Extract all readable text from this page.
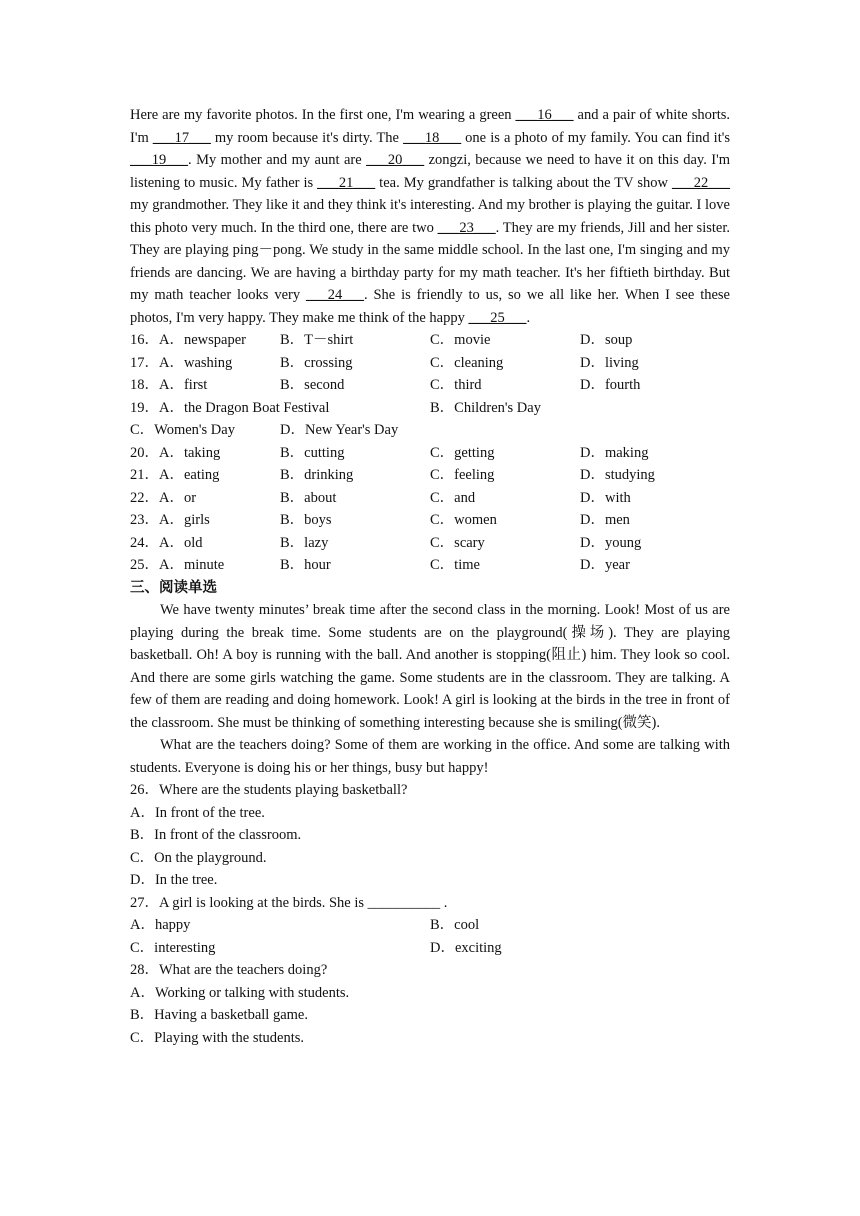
Here are my favorite photos. In the first one, I'm wearing a green ___16___ and a pair of white shorts. I'm ___17___ my room because it's dirty. The ___18___ one is a photo of my family. You can find it's ___19___. My mother and my aunt are ___20___ zongzi, because we need to have it on this day. I'm listening to music. My father is ___21___ tea. My grandfather is talking about the TV show ___22___ my grandmother. They like it and they think it's interesting. And my brother is playing the guitar. I love this photo very much. In the third one, there are two ___23___. They are my friends, Jill and her sister. They are playing ping－pong. We study in the same middle school. In the last one, I'm singing and my friends are dancing. We are having a birthday party for my math teacher. It's her fiftieth birthday. But my math teacher looks very ___24___. She is friendly to us, so we all like her. When I see these photos, I'm very happy. They make me think of the happy ___25___.

16．A．newspaper	B．T－shirt	C．movie	D．soup
17．A．washing	B．crossing	C．cleaning	D．living
18．A．first	B．second	C．third	D．fourth
19．A．the Dragon Boat Festival	B．Children's Day
C．Women's Day	D．New Year's Day
20．A．taking	B．cutting	C．getting	D．making
21．A．eating	B．drinking	C．feeling	D．studying
22．A．or	B．about	C．and	D．with
23．A．girls	B．boys	C．women	D．men
24．A．old	B．lazy	C．scary	D．young
25．A．minute	B．hour	C．time	D．year
三、阅读单选

We have twenty minutes’ break time after the second class in the morning. Look! Most of us are playing during the break time. Some students are on the playground(操场). They are playing basketball. Oh! A boy is running with the ball. And another is stopping(阻止) him. They look so cool. And there are some girls watching the game. Some students are in the classroom. They are talking. A few of them are reading and doing homework. Look! A girl is looking at the birds in the tree in front of the classroom. She must be thinking of something interesting because she is smiling(微笑).

What are the teachers doing? Some of them are working in the office. And some are talking with students. Everyone is doing his or her things, busy but happy!

26．Where are the students playing basketball?
A．In front of the tree.
B．In front of the classroom.
C．On the playground.
D．In the tree.
27．A girl is looking at the birds. She is __________ .
A．happy	B．cool
C．interesting	D．exciting
28．What are the teachers doing?
A．Working or talking with students.
B．Having a basketball game.
C．Playing with the students.
